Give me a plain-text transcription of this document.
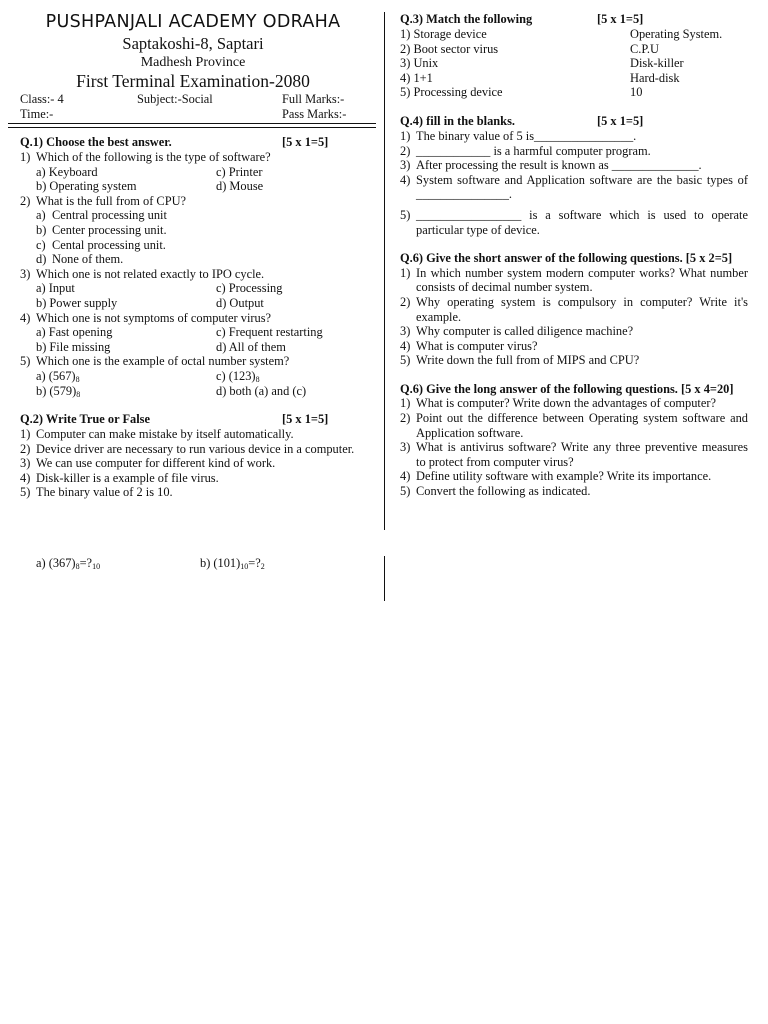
PUSHPANJALI ACADEMY ODRAHA
Saptakoshi-8, Saptari
Madhesh Province
First Terminal Examination-2080
Class:- 4	Subject:-Social	Full Marks:-
Time:-	Pass Marks:-
Q.1) Choose the best answer.	[5 x 1=5]
1) Which of the following is the type of software?
a) Keyboard	c) Printer
b) Operating system	d) Mouse
2) What is the full from of CPU?
a) Central processing unit
b) Center processing unit.
c) Cental processing unit.
d) None of them.
3) Which one is not related exactly to IPO cycle.
a) Input	c) Processing
b) Power supply	d) Output
4) Which one is not symptoms of computer virus?
a) Fast opening	c) Frequent restarting
b) File missing	d) All of them
5) Which one is the example of octal number system?
a) $(567)_8$	c) $(123)_8$
b) $(579)_8$	d) both (a) and (c)
Q.2) Write True or False	[5 x 1=5]
1) Computer can make mistake by itself automatically.
2) Device driver are necessary to run various device in a computer.
3) We can use computer for different kind of work.
4) Disk-killer is a example of file virus.
5) The binary value of 2 is 10.
Q.3) Match the following	[5 x 1=5]
1) Storage device	Operating System.
2) Boot sector virus	C.P.U
3) Unix	Disk-killer
4) 1+1	Hard-disk
5) Processing device	10
Q.4) fill in the blanks.	[5 x 1=5]
1) The binary value of 5 is________________.
2) ____________ is a harmful computer program.
3) After processing the result is known as ______________.
4) System software and Application software are the basic types of _______________.
5) _________________ is a software which is used to operate particular type of device.
Q.6) Give the short answer of the following questions. [5 x 2=5]
1) In which number system modern computer works? What number consists of decimal number system.
2) Why operating system is compulsory in computer? Write it's example.
3) Why computer is called diligence machine?
4) What is computer virus?
5) Write down the full from of MIPS and CPU?
Q.6) Give the long answer of the following questions. [5 x 4=20]
1) What is computer? Write down the advantages of computer?
2) Point out the difference between Operating system software and Application software.
3) What is antivirus software? Write any three preventive measures to protect from computer virus?
4) Define utility software with example? Write its importance.
5) Convert the following as indicated.
a) $(367)_8=?_{10}$	b) $(101)_{10}=?_2$
